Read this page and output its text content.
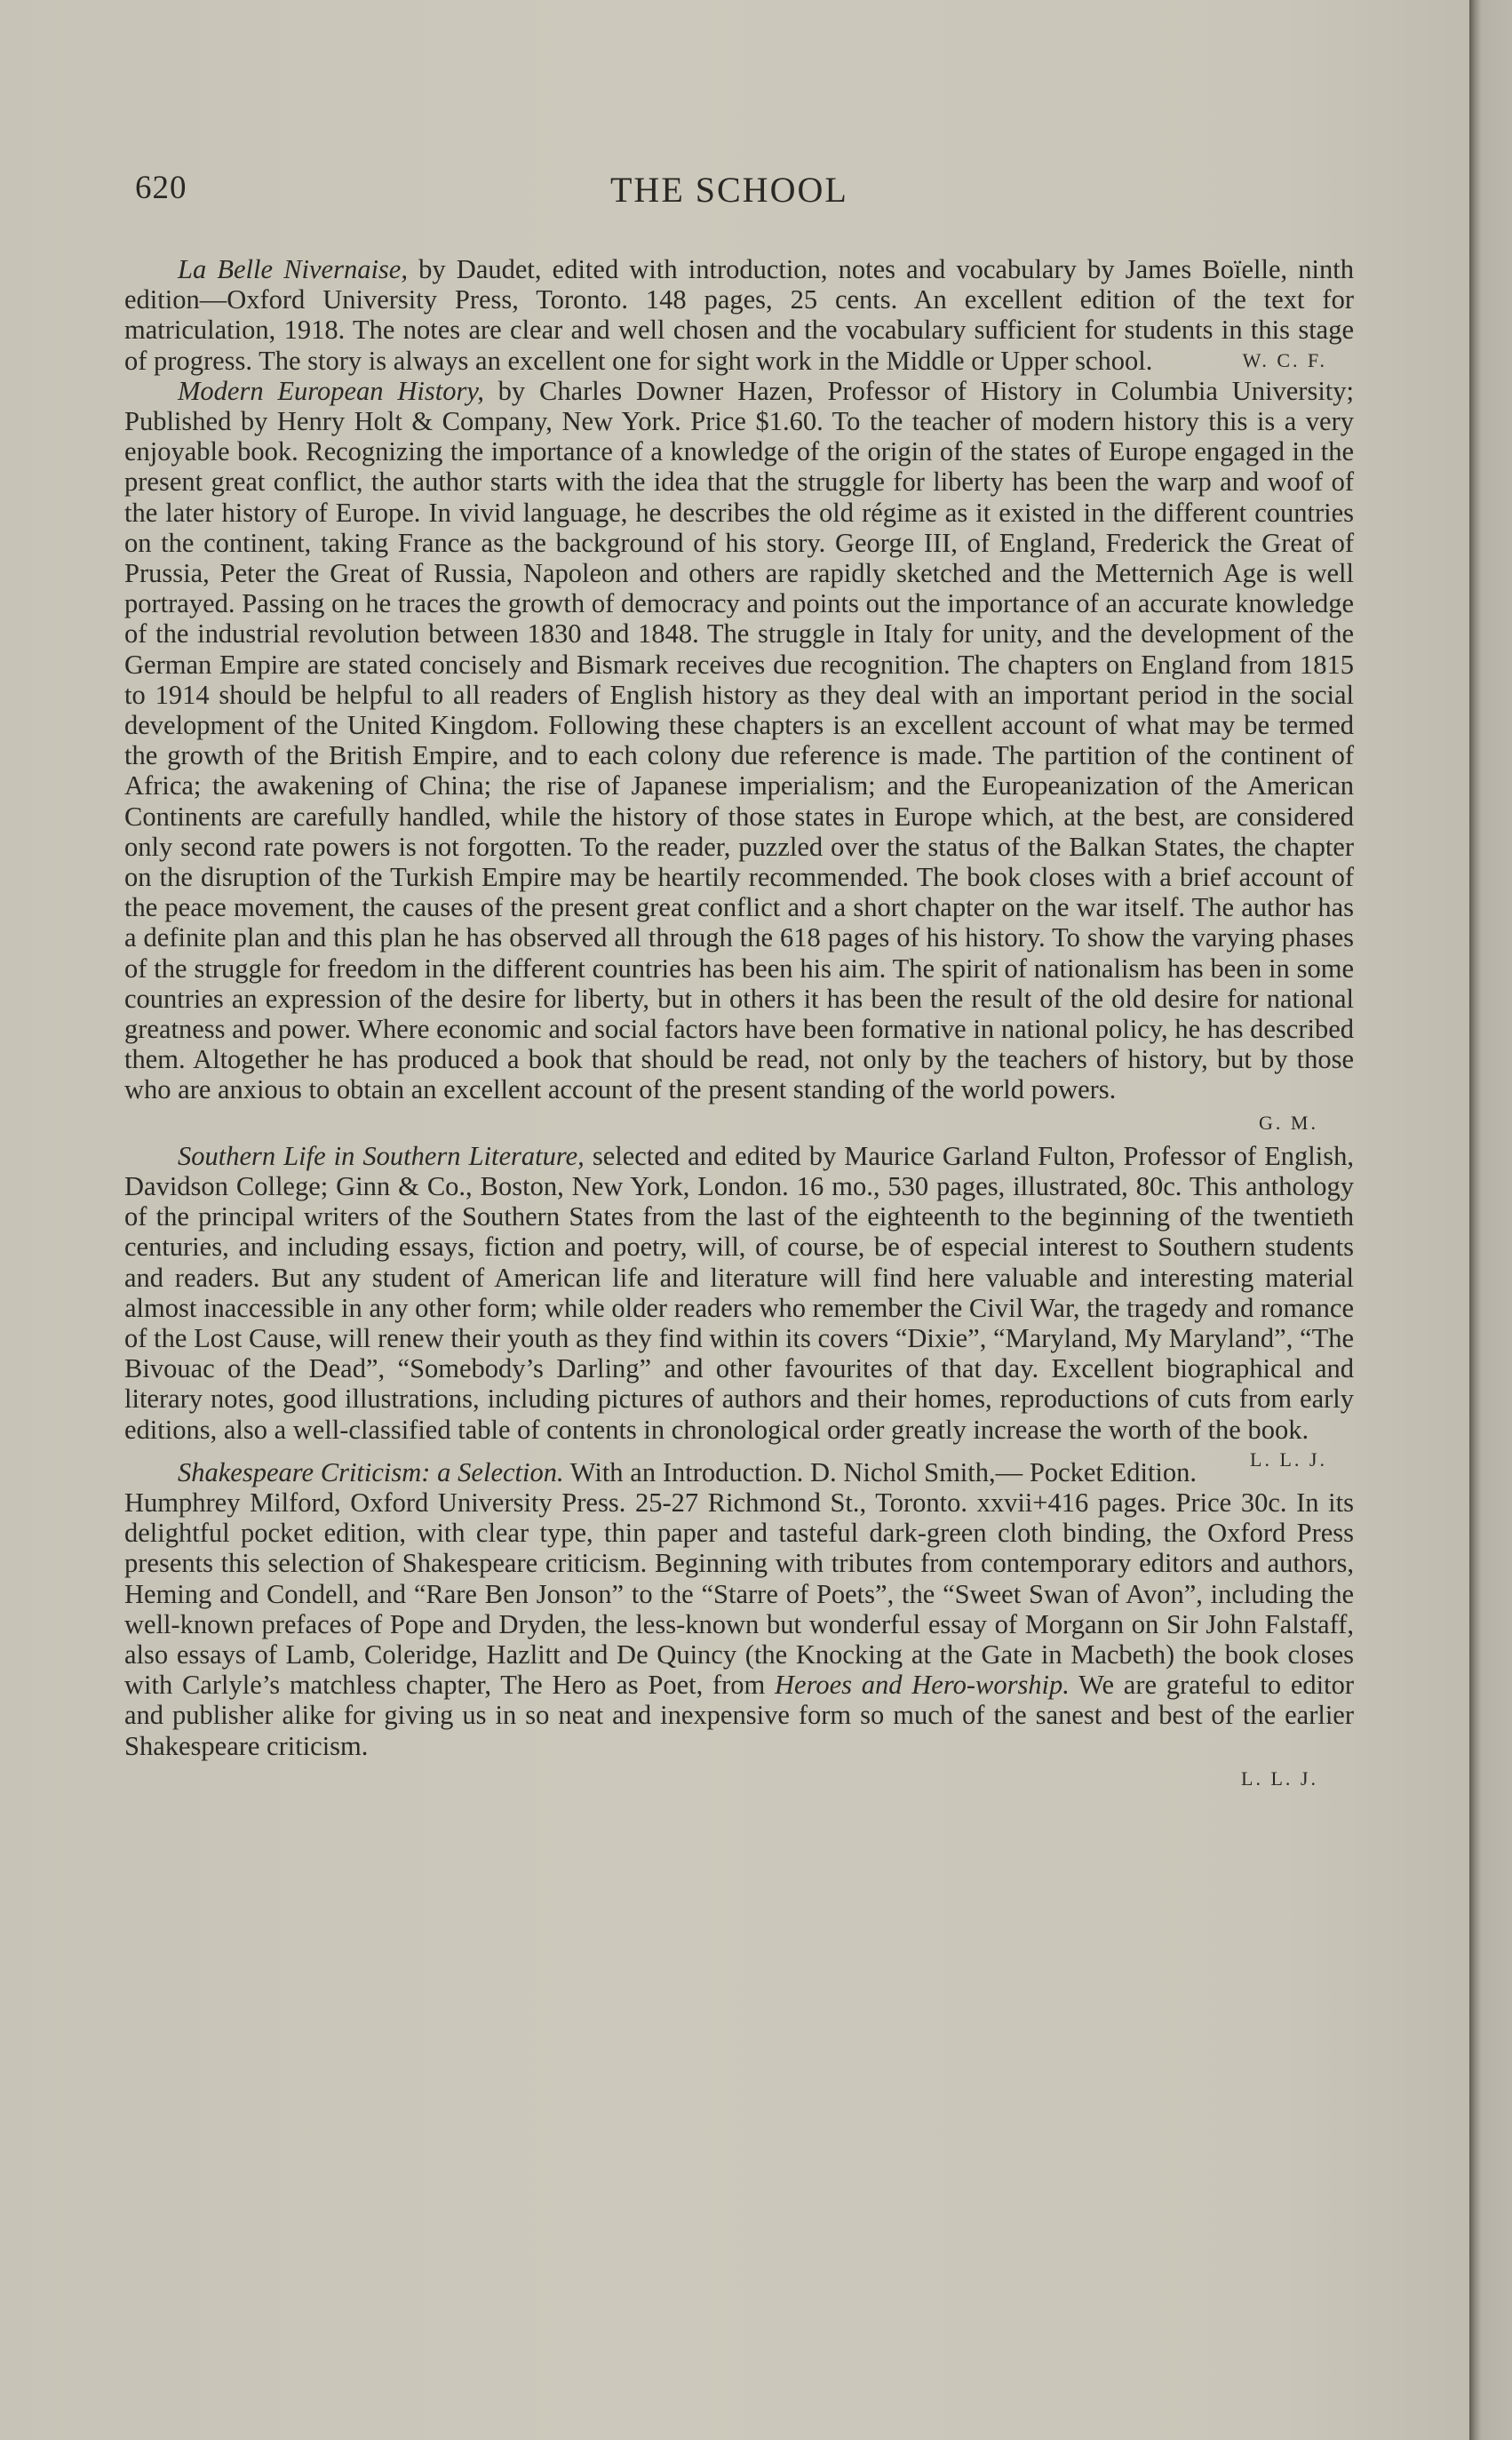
620	THE SCHOOL

La Belle Nivernaise, by Daudet, edited with introduction, notes and vocabulary by James Boïelle, ninth edition—Oxford University Press, Toronto. 148 pages, 25 cents. An excellent edition of the text for matriculation, 1918. The notes are clear and well chosen and the vocabulary sufficient for students in this stage of progress. The story is always an excellent one for sight work in the Middle or Upper school.	W. C. F.

Modern European History, by Charles Downer Hazen, Professor of History in Columbia University; Published by Henry Holt & Company, New York. Price $1.60. To the teacher of modern history this is a very enjoyable book. Recognizing the importance of a knowledge of the origin of the states of Europe engaged in the present great conflict, the author starts with the idea that the struggle for liberty has been the warp and woof of the later history of Europe. In vivid language, he describes the old régime as it existed in the different countries on the continent, taking France as the background of his story. George III, of England, Frederick the Great of Prussia, Peter the Great of Russia, Napoleon and others are rapidly sketched and the Metternich Age is well portrayed. Passing on he traces the growth of democracy and points out the importance of an accurate knowledge of the industrial revolution between 1830 and 1848. The struggle in Italy for unity, and the development of the German Empire are stated concisely and Bismark receives due recognition. The chapters on England from 1815 to 1914 should be helpful to all readers of English history as they deal with an important period in the social development of the United Kingdom. Following these chapters is an excellent account of what may be termed the growth of the British Empire, and to each colony due reference is made. The partition of the continent of Africa; the awakening of China; the rise of Japanese imperialism; and the Europeanization of the American Continents are carefully handled, while the history of those states in Europe which, at the best, are considered only second rate powers is not forgotten. To the reader, puzzled over the status of the Balkan States, the chapter on the disruption of the Turkish Empire may be heartily recommended. The book closes with a brief account of the peace movement, the causes of the present great conflict and a short chapter on the war itself. The author has a definite plan and this plan he has observed all through the 618 pages of his history. To show the varying phases of the struggle for freedom in the different countries has been his aim. The spirit of nationalism has been in some countries an expression of the desire for liberty, but in others it has been the result of the old desire for national greatness and power. Where economic and social factors have been formative in national policy, he has described them. Altogether he has produced a book that should be read, not only by the teachers of history, but by those who are anxious to obtain an excellent account of the present standing of the world powers.

G. M.

Southern Life in Southern Literature, selected and edited by Maurice Garland Fulton, Professor of English, Davidson College; Ginn & Co., Boston, New York, London. 16 mo., 530 pages, illustrated, 80c. This anthology of the principal writers of the Southern States from the last of the eighteenth to the beginning of the twentieth centuries, and including essays, fiction and poetry, will, of course, be of especial interest to Southern students and readers. But any student of American life and literature will find here valuable and interesting material almost inaccessible in any other form; while older readers who remember the Civil War, the tragedy and romance of the Lost Cause, will renew their youth as they find within its covers “Dixie”, “Maryland, My Maryland”, “The Bivouac of the Dead”, “Somebody’s Darling” and other favourites of that day. Excellent biographical and literary notes, good illustrations, including pictures of authors and their homes, reproductions of cuts from early editions, also a well-classified table of contents in chronological order greatly increase the worth of the book.
L. L. J.

Shakespeare Criticism: a Selection. With an Introduction. D. Nichol Smith,— Pocket Edition. Humphrey Milford, Oxford University Press. 25-27 Richmond St., Toronto. xxvii+416 pages. Price 30c. In its delightful pocket edition, with clear type, thin paper and tasteful dark-green cloth binding, the Oxford Press presents this selection of Shakespeare criticism. Beginning with tributes from contemporary editors and authors, Heming and Condell, and “Rare Ben Jonson” to the “Starre of Poets”, the “Sweet Swan of Avon”, including the well-known prefaces of Pope and Dryden, the less-known but wonderful essay of Morgann on Sir John Falstaff, also essays of Lamb, Coleridge, Hazlitt and De Quincy (the Knocking at the Gate in Macbeth) the book closes with Carlyle’s matchless chapter, The Hero as Poet, from Heroes and Hero-worship. We are grateful to editor and publisher alike for giving us in so neat and inexpensive form so much of the sanest and best of the earlier Shakespeare criticism.

L. L. J.
